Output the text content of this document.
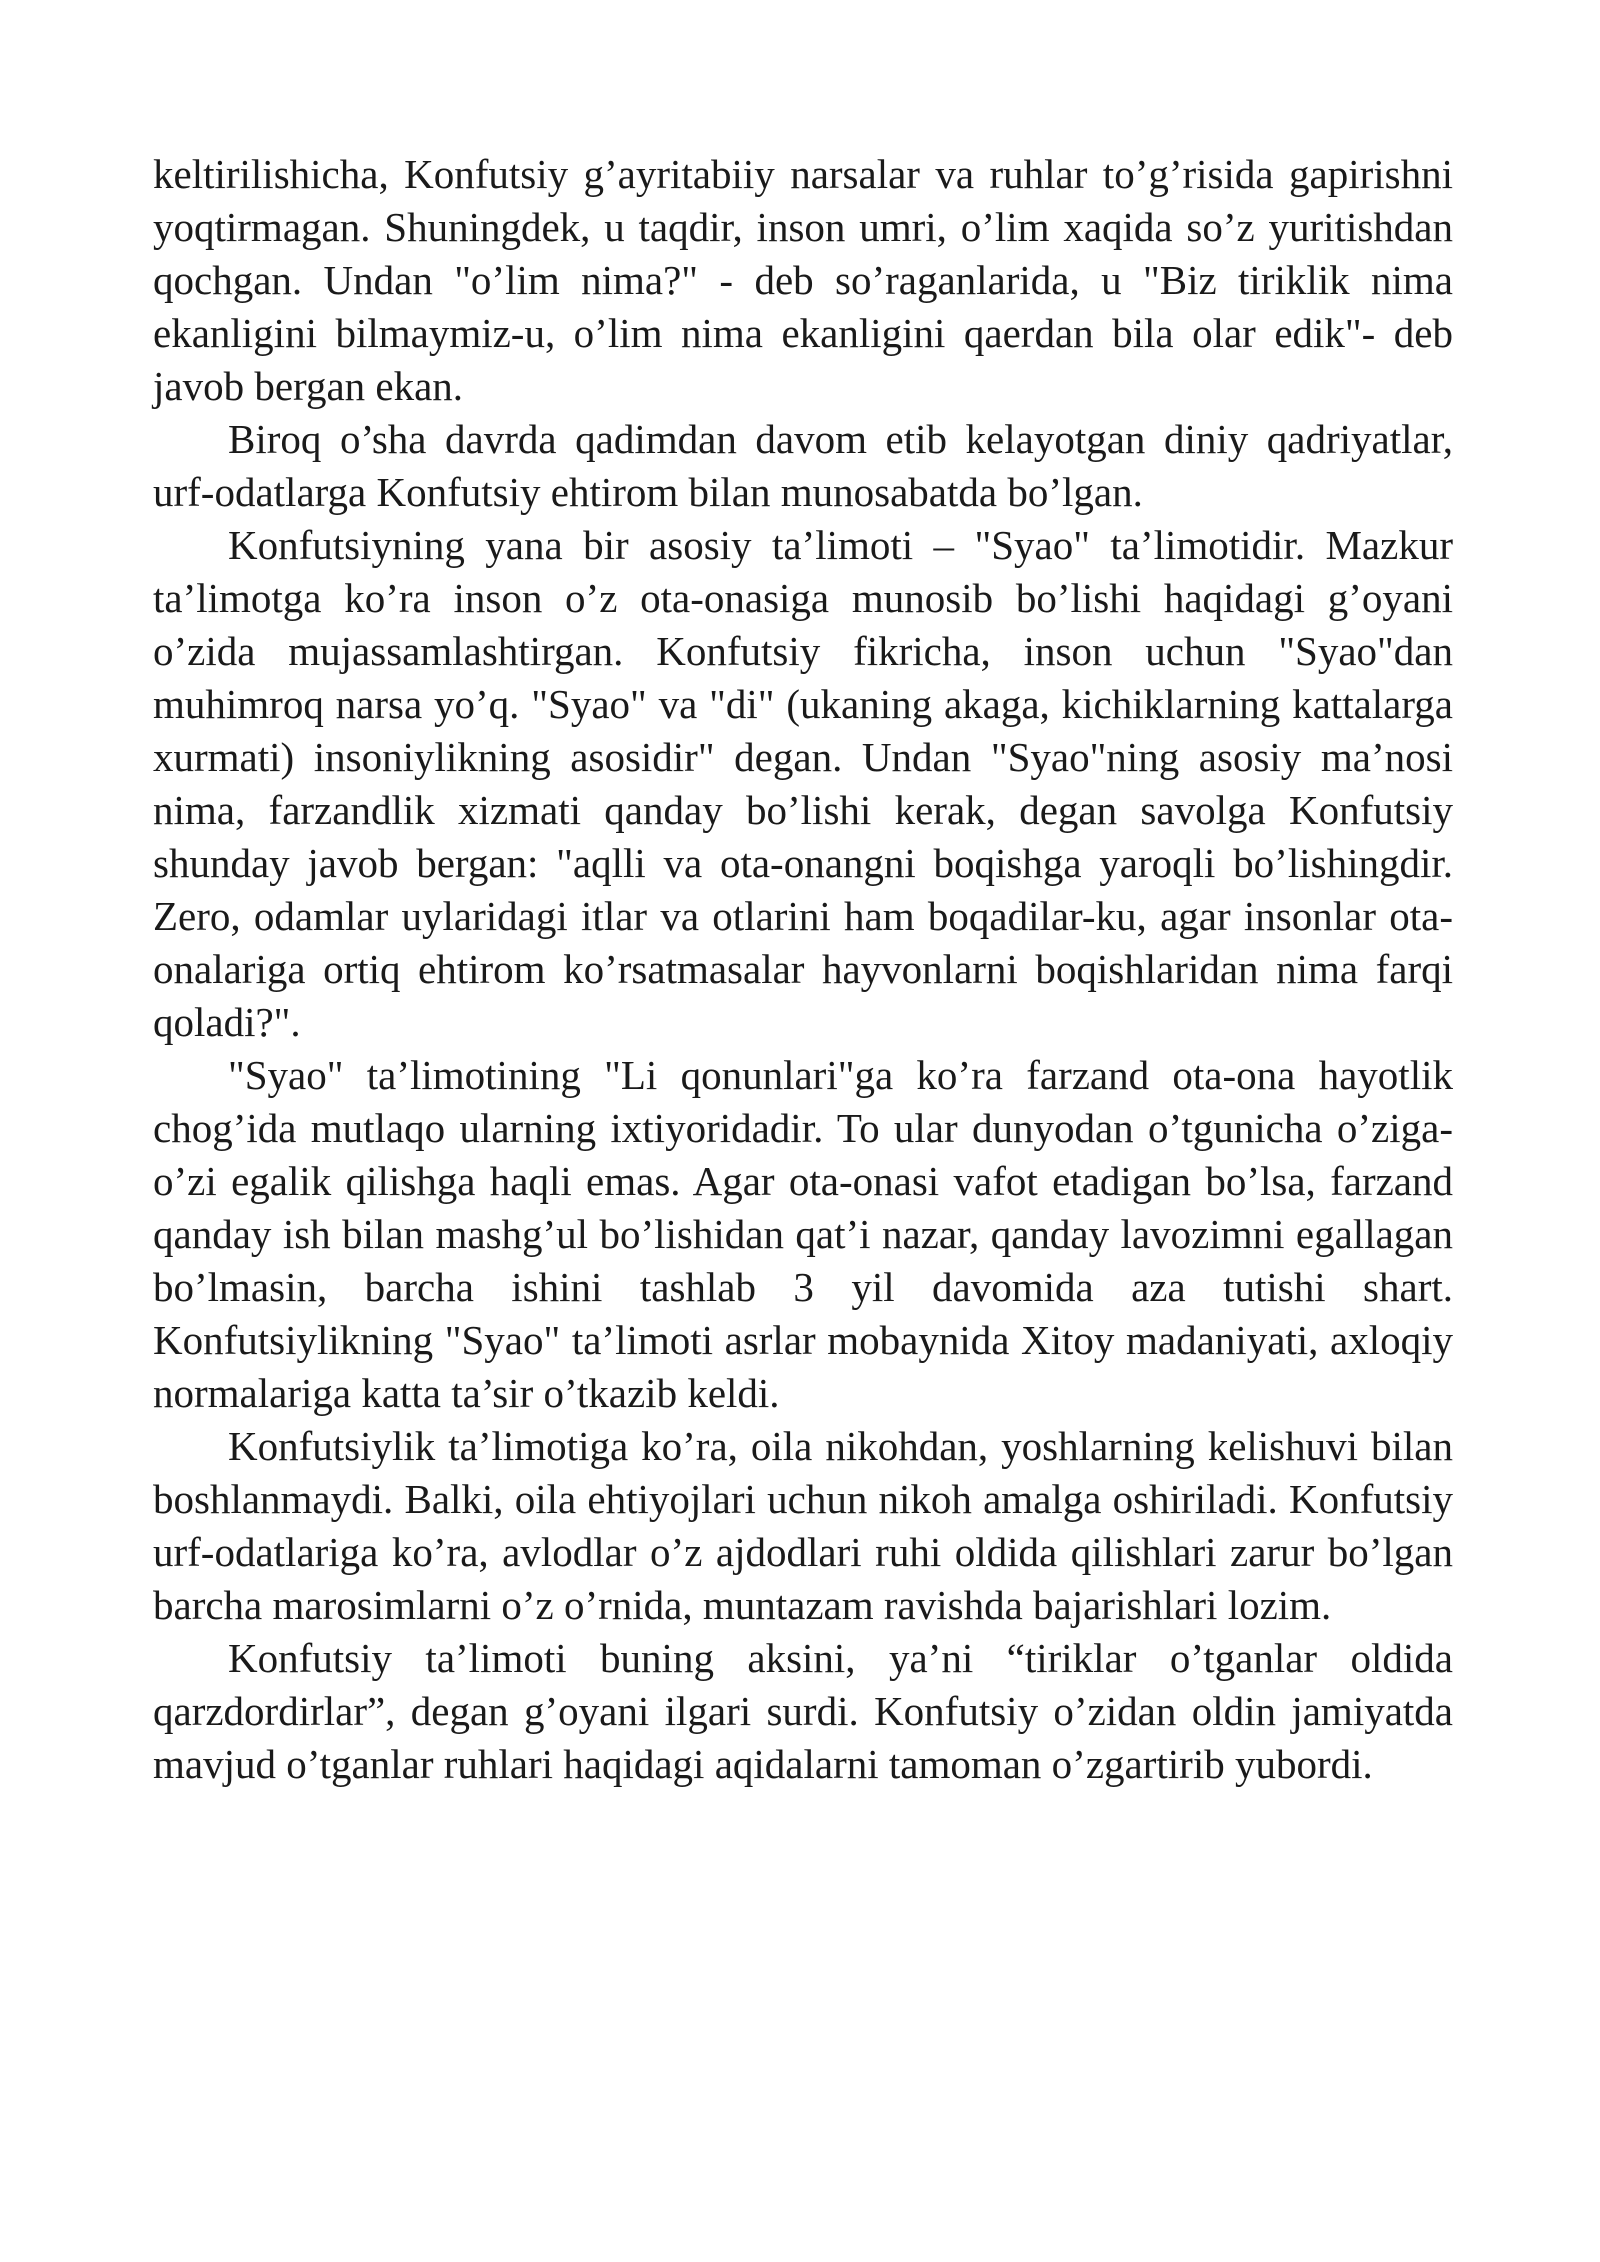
keltirilishicha, Konfutsiy g’ayritabiiy narsalar va ruhlar to’g’risida gapirishni yoqtirmagan. Shuningdek, u taqdir, inson umri, o’lim xaqida so’z yuritishdan qochgan. Undan "o’lim nima?" - deb so’raganlarida, u "Biz tiriklik nima ekanligini bilmaymiz-u, o’lim nima ekanligini qaerdan bila olar edik"- deb javob bergan ekan.

Biroq o’sha davrda qadimdan davom etib kelayotgan diniy qadriyatlar, urf-odatlarga Konfutsiy ehtirom bilan munosabatda bo’lgan.

Konfutsiyning yana bir asosiy ta’limoti – "Syao" ta’limotidir. Mazkur ta’limotga ko’ra inson o’z ota-onasiga munosib bo’lishi haqidagi g’oyani o’zida mujassamlashtirgan. Konfutsiy fikricha, inson uchun "Syao"dan muhimroq narsa yo’q. "Syao" va "di" (ukaning akaga, kichiklarning kattalarga xurmati) insoniylikning asosidir" degan. Undan "Syao"ning asosiy ma’nosi nima, farzandlik xizmati qanday bo’lishi kerak, degan savolga Konfutsiy shunday javob bergan: "aqlli va ota-onangni boqishga yaroqli bo’lishingdir. Zero, odamlar uylaridagi itlar va otlarini ham boqadilar-ku, agar insonlar ota-onalariga ortiq ehtirom ko’rsatmasalar hayvonlarni boqishlaridan nima farqi qoladi?".

"Syao" ta’limotining "Li qonunlari"ga ko’ra farzand ota-ona hayotlik chog’ida mutlaqo ularning ixtiyoridadir. To ular dunyodan o’tgunicha o’ziga-o’zi egalik qilishga haqli emas. Agar ota-onasi vafot etadigan bo’lsa, farzand qanday ish bilan mashg’ul bo’lishidan qat’i nazar, qanday lavozimni egallagan bo’lmasin, barcha ishini tashlab 3 yil davomida aza tutishi shart. Konfutsiylikning "Syao" ta’limoti asrlar mobaynida Xitoy madaniyati, axloqiy normalariga katta ta’sir o’tkazib keldi.

Konfutsiylik ta’limotiga ko’ra, oila nikohdan, yoshlarning kelishuvi bilan boshlanmaydi. Balki, oila ehtiyojlari uchun nikoh amalga oshiriladi. Konfutsiy urf-odatlariga ko’ra, avlodlar o’z ajdodlari ruhi oldida qilishlari zarur bo’lgan barcha marosimlarni o’z o’rnida, muntazam ravishda bajarishlari lozim.

Konfutsiy ta’limoti buning aksini, ya’ni “tiriklar o’tganlar oldida qarzdordirlar”, degan g’oyani ilgari surdi. Konfutsiy o’zidan oldin jamiyatda mavjud o’tganlar ruhlari haqidagi aqidalarni tamoman o’zgartirib yubordi.
